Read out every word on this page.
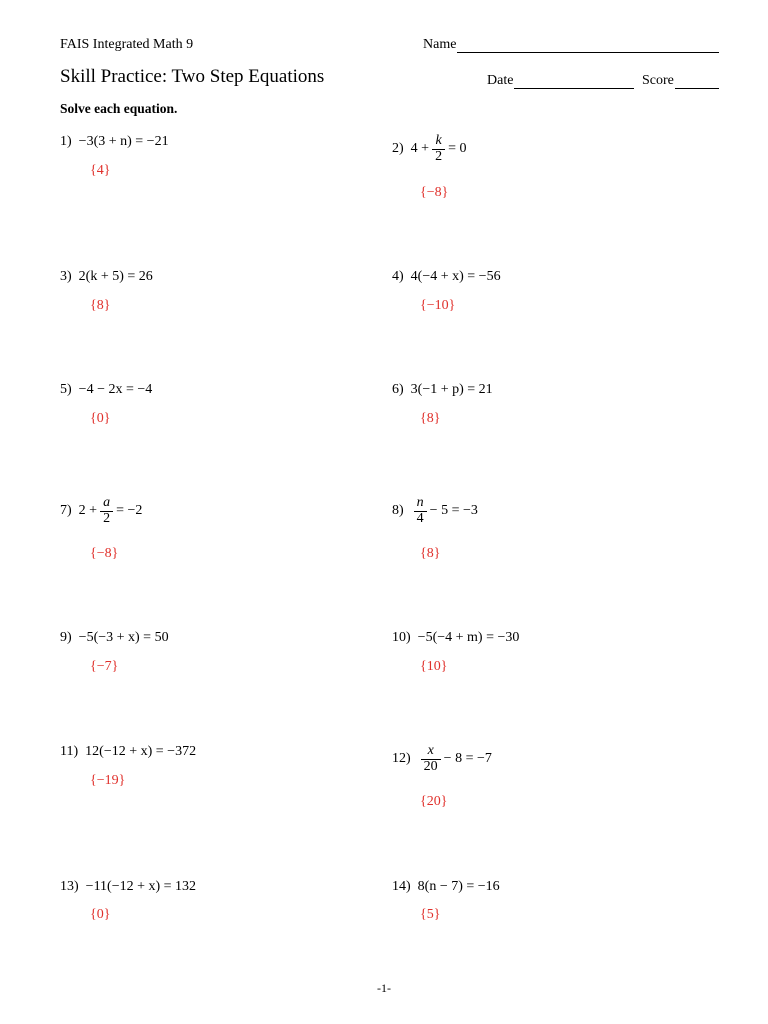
FAIS Integrated Math 9
Skill Practice: Two Step Equations
Solve each equation.
Name
Date	Score
1) −3(3 + n) = −21
{4}
2) $4 + \frac{k}{2} = 0$
{−8}
3) 2(k + 5) = 26
{8}
4) 4(−4 + x) = −56
{−10}
5) −4 − 2x = −4
{0}
6) 3(−1 + p) = 21
{8}
7) $2 + \frac{a}{2} = -2$
{−8}
$8) \frac{n}{4} - 5 = -3$
{8}
9) −5(−3 + x) = 50
{−7}
10) −5(−4 + m) = −30
{10}
11) 12(−12 + x) = −372
{−19}
$12) \frac{x}{20} - 8 = -7$
{20}
13) −11(−12 + x) = 132
{0}
14) 8(n − 7) = −16
{5}
-1-
